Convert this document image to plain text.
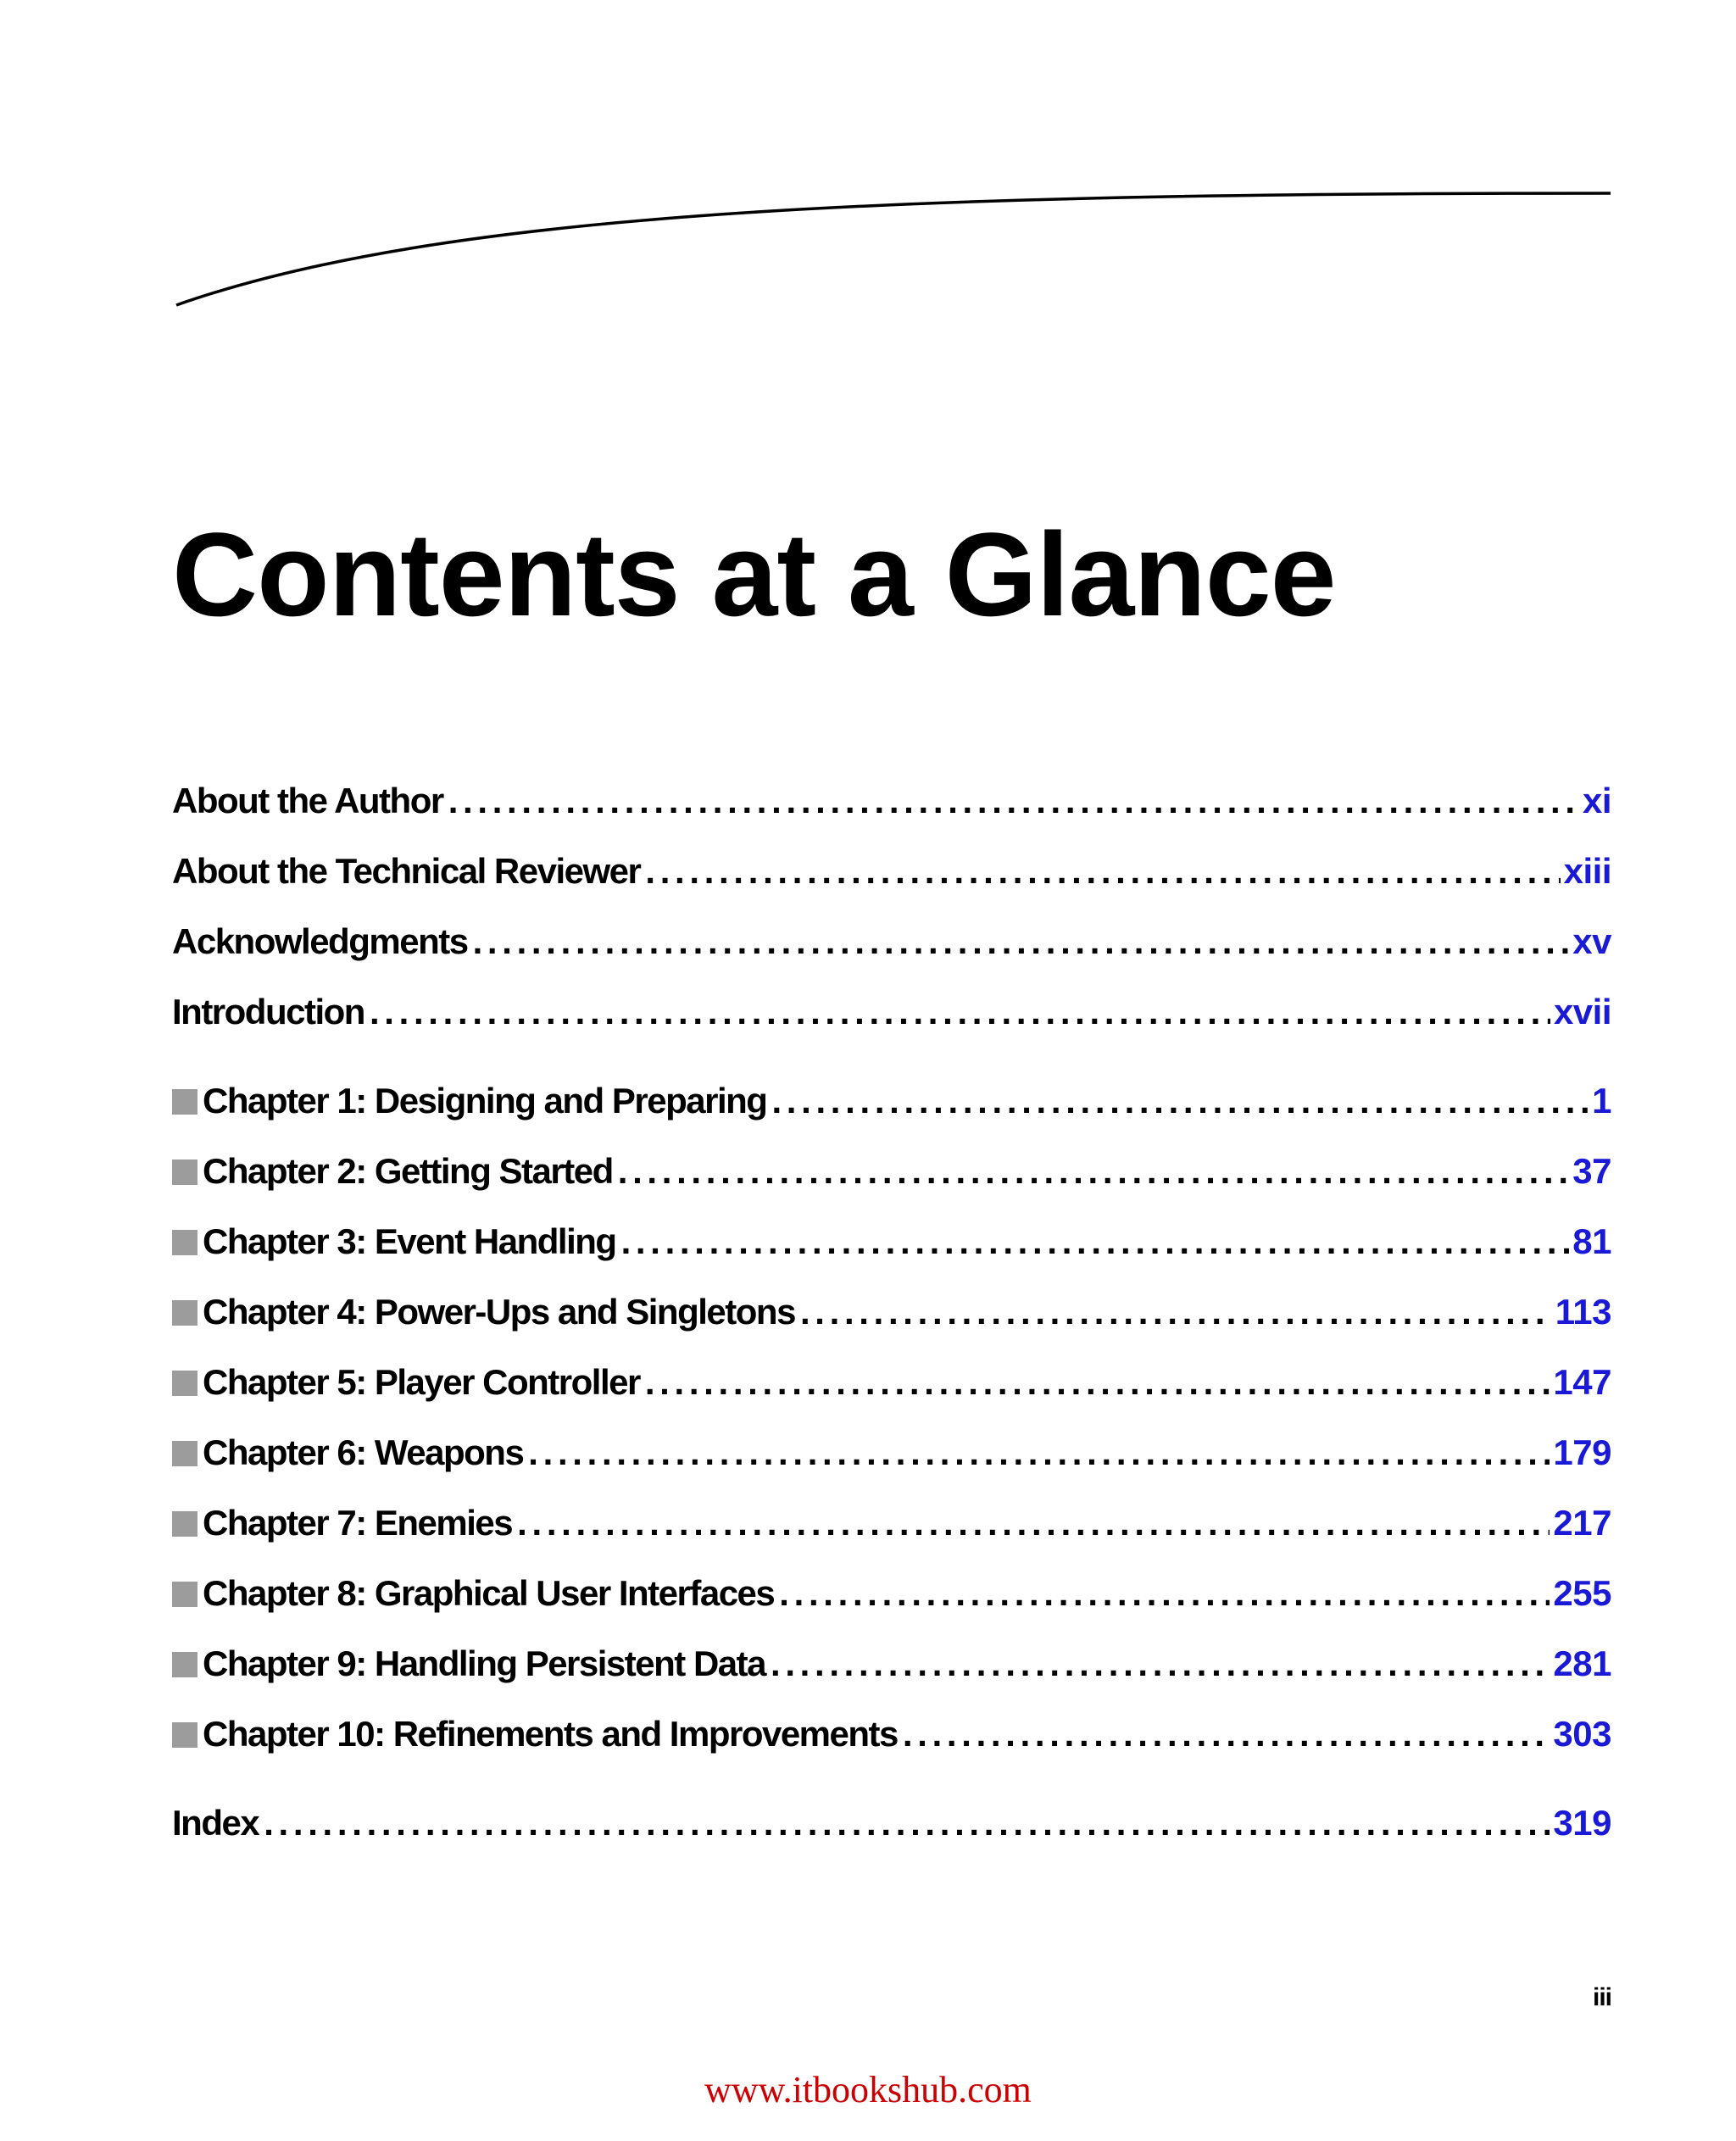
Contents at a Glance
About the Author . . .	xi
About the Technical Reviewer . . .	xiii
Acknowledgments . . .	xv
Introduction . . .	xvii
Chapter 1: Designing and Preparing . . .	1
Chapter 2: Getting Started . . .	37
Chapter 3: Event Handling . . .	81
Chapter 4: Power-Ups and Singletons . . .	113
Chapter 5: Player Controller . . .	147
Chapter 6: Weapons . . .	179
Chapter 7: Enemies . . .	217
Chapter 8: Graphical User Interfaces . . .	255
Chapter 9: Handling Persistent Data . . .	281
Chapter 10: Refinements and Improvements . . .	303
Index . . .	319
iii
www.itbookshub.com
